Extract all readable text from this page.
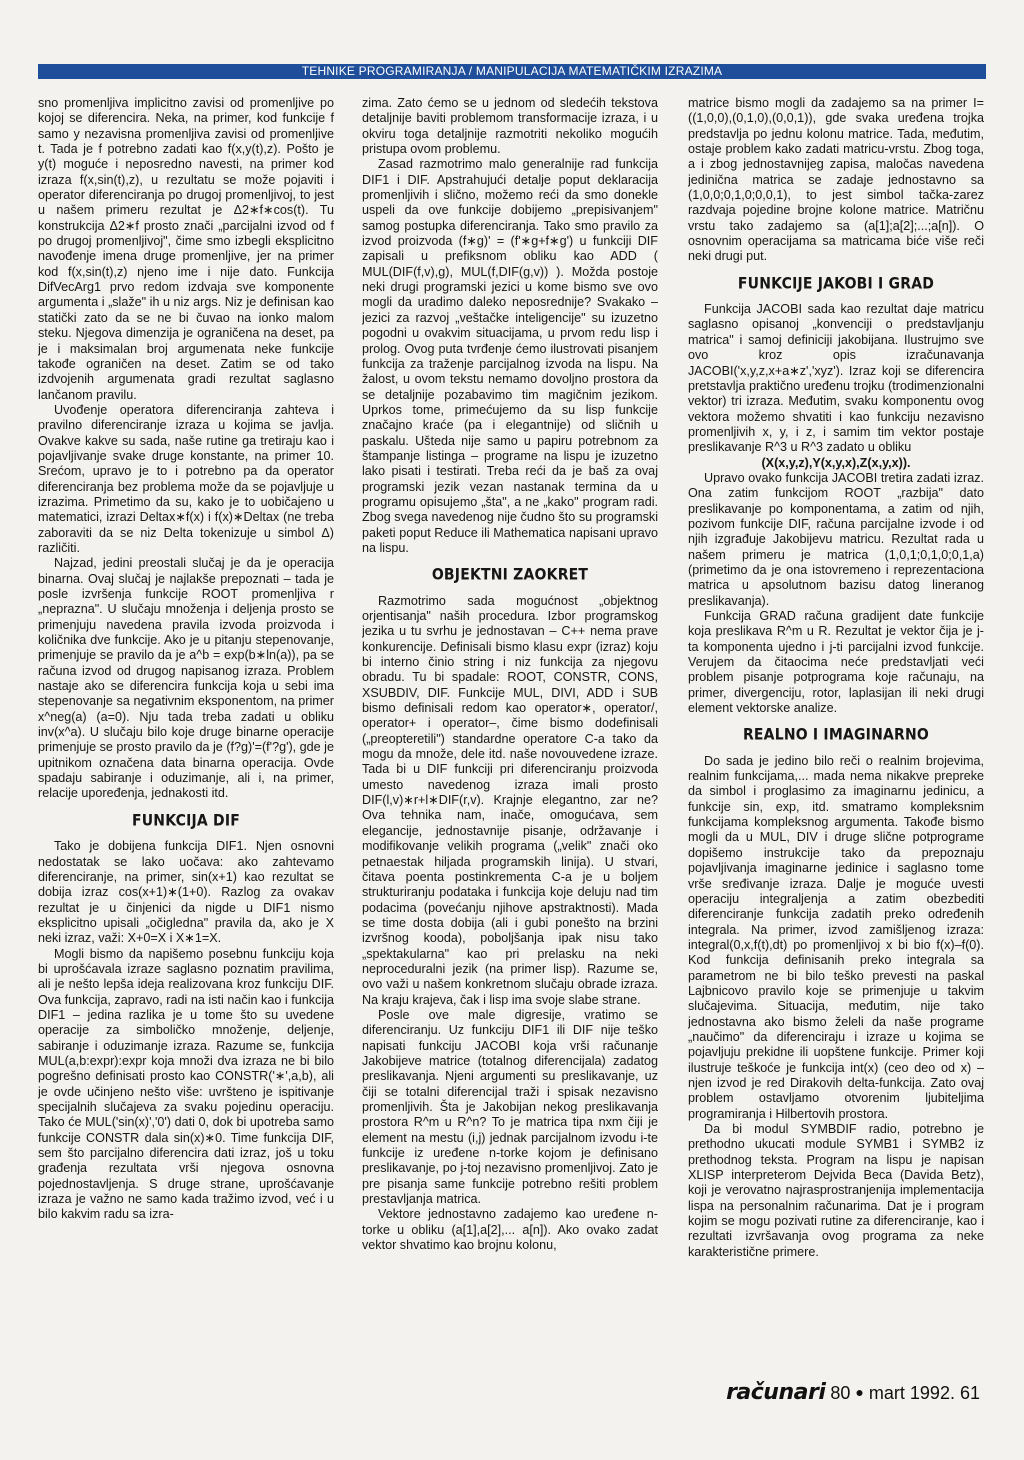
TEHNIKE PROGRAMIRANJA / MANIPULACIJA MATEMATIČKIM IZRAZIMA

sno promenljiva implicitno zavisi od promenljive po kojoj se diferencira. Neka, na primer, kod funkcije f samo y nezavisna promenljiva zavisi od promenljive t. Tada je f potrebno zadati kao f(x,y(t),z). Pošto je y(t) moguće i neposredno navesti, na primer kod izraza f(x,sin(t),z), u rezultatu se može pojaviti i operator diferenciranja po drugoj promenljivoj, to jest u našem primeru rezultat je Δ2∗f∗cos(t). Tu konstrukcija Δ2∗f prosto znači „parcijalni izvod od f po drugoj promenljivoj", čime smo izbegli eksplicitno navođenje imena druge promenljive, jer na primer kod f(x,sin(t),z) njeno ime i nije dato. Funkcija DifVecArg1 prvo redom izdvaja sve komponente argumenta i „slaže" ih u niz args. Niz je definisan kao statički zato da se ne bi čuvao na ionko malom steku. Njegova dimenzija je ograničena na deset, pa je i maksimalan broj argumenata neke funkcije takođe ograničen na deset. Zatim se od tako izdvojenih argumenata gradi rezultat saglasno lančanom pravilu.

Uvođenje operatora diferenciranja zahteva i pravilno diferenciranje izraza u kojima se javlja. Ovakve kakve su sada, naše rutine ga tretiraju kao i pojavljivanje svake druge konstante, na primer 10. Srećom, upravo je to i potrebno pa da operator diferenciranja bez problema može da se pojavljuje u izrazima. Primetimo da su, kako je to uobičajeno u matematici, izrazi Deltax∗f(x) i f(x)∗Deltax (ne treba zaboraviti da se niz Delta tokenizuje u simbol Δ) različiti.

Najzad, jedini preostali slučaj je da je operacija binarna. Ovaj slučaj je najlakše prepoznati – tada je posle izvršenja funkcije ROOT promenljiva r „neprazna". U slučaju množenja i deljenja prosto se primenjuju navedena pravila izvoda proizvoda i količnika dve funkcije. Ako je u pitanju stepenovanje, primenjuje se pravilo da je a^b = exp(b∗ln(a)), pa se računa izvod od drugog napisanog izraza. Problem nastaje ako se diferencira funkcija koja u sebi ima stepenovanje sa negativnim eksponentom, na primer x^neg(a) (a=0). Nju tada treba zadati u obliku inv(x^a). U slučaju bilo koje druge binarne operacije primenjuje se prosto pravilo da je (f?g)'=(f'?g'), gde je upitnikom označena data binarna operacija. Ovde spadaju sabiranje i oduzimanje, ali i, na primer, relacije upoređenja, jednakosti itd.

FUNKCIJA DIF

Tako je dobijena funkcija DIF1. Njen osnovni nedostatak se lako uočava: ako zahtevamo diferenciranje, na primer, sin(x+1) kao rezultat se dobija izraz cos(x+1)∗(1+0). Razlog za ovakav rezultat je u činjenici da nigde u DIF1 nismo eksplicitno upisali „očigledna" pravila da, ako je X neki izraz, važi: X+0=X i X∗1=X.

Mogli bismo da napišemo posebnu funkciju koja bi uprošćavala izraze saglasno poznatim pravilima, ali je nešto lepša ideja realizovana kroz funkciju DIF. Ova funkcija, zapravo, radi na isti način kao i funkcija DIF1 – jedina razlika je u tome što su uvedene operacije za simboličko množenje, deljenje, sabiranje i oduzimanje izraza. Razume se, funkcija MUL(a,b:expr):expr koja množi dva izraza ne bi bilo pogrešno definisati prosto kao CONSTR('∗',a,b), ali je ovde učinjeno nešto više: uvršteno je ispitivanje specijalnih slučajeva za svaku pojedinu operaciju. Tako će MUL('sin(x)','0') dati 0, dok bi upotreba samo funkcije CONSTR dala sin(x)∗0. Time funkcija DIF, sem što parcijalno diferencira dati izraz, još u toku građenja rezultata vrši njegova osnovna pojednostavljenja. S druge strane, uprošćavanje izraza je važno ne samo kada tražimo izvod, već i u bilo kakvim radu sa izra-

zima. Zato ćemo se u jednom od sledećih tekstova detaljnije baviti problemom transformacije izraza, i u okviru toga detaljnije razmotriti nekoliko mogućih pristupa ovom problemu.

Zasad razmotrimo malo generalnije rad funkcija DIF1 i DIF. Apstrahujući detalje poput deklaracija promenljivih i slično, možemo reći da smo donekle uspeli da ove funkcije dobijemo „prepisivanjem" samog postupka diferenciranja. Tako smo pravilo za izvod proizvoda (f∗g)' = (f'∗g+f∗g') u funkciji DIF zapisali u prefiksnom obliku kao ADD ( MUL(DIF(f,v),g), MUL(f,DIF(g,v)) ). Možda postoje neki drugi programski jezici u kome bismo sve ovo mogli da uradimo daleko neposrednije? Svakako – jezici za razvoj „veštačke inteligencije" su izuzetno pogodni u ovakvim situacijama, u prvom redu lisp i prolog. Ovog puta tvrđenje ćemo ilustrovati pisanjem funkcija za traženje parcijalnog izvoda na lispu. Na žalost, u ovom tekstu nemamo dovoljno prostora da se detaljnije pozabavimo tim magičnim jezikom. Uprkos tome, primećujemo da su lisp funkcije značajno kraće (pa i elegantnije) od sličnih u paskalu. Uštedа nije samo u papiru potrebnom za štampanje listinga – programe na lispu je izuzetno lako pisati i testirati. Treba reći da je baš za ovaj programski jezik vezan nastanak termina da u programu opisujemo „šta", a ne „kako" program radi. Zbog svega navedenog nije čudno što su programski paketi poput Reduce ili Mathematica napisani upravo na lispu.

OBJEKTNI ZAOKRET

Razmotrimo sada mogućnost „objektnog orjentisanja" naših procedura. Izbor programskog jezika u tu svrhu je jednostavan – C++ nema prave konkurencije. Definisali bismo klasu expr (izraz) koju bi interno činio string i niz funkcija za njegovu obradu. Tu bi spadale: ROOT, CONSTR, CONS, XSUBDIV, DIF. Funkcije MUL, DIVI, ADD i SUB bismo definisali redom kao operator∗, operator/, operator+ i operator–, čime bismo dodefinisali („preopteretili") standardne operatore C-a tako da mogu da množe, dele itd. naše novouvedene izraze. Tada bi u DIF funkciji pri diferenciranju proizvoda umesto navedenog izraza imali prosto DIF(l,v)∗r+l∗DIF(r,v). Krajnje elegantno, zar ne? Ova tehnika nam, inače, omogućava, sem elegancije, jednostavnije pisanje, održavanje i modifikovanje velikih programa („velik" znači oko petnaestak hiljada programskih linija). U stvari, čitava poenta postinkrementa C-a je u boljem strukturiranju podataka i funkcija koje deluju nad tim podacima (povećanju njihove apstraktnosti). Mada se time dosta dobija (ali i gubi ponešto na brzini izvršnog kooda), poboljšanja ipak nisu tako „spektakularna" kao pri prelasku na neki neproceduralni jezik (na primer lisp). Razume se, ovo važi u našem konkretnom slučaju obrade izraza. Na kraju krajeva, čak i lisp ima svoje slabe strane.

Posle ove male digresije, vratimo se diferenciranju. Uz funkciju DIF1 ili DIF nije teško napisati funkciju JACOBI koja vrši računanje Jakobijeve matrice (totalnog diferencijala) zadatog preslikavanja. Njeni argumenti su preslikavanje, uz čiji se totalni diferencijal traži i spisak nezavisno promenljivih. Šta je Jakobijan nekog preslikavanja prostora R^m u R^n? To je matrica tipa nxm čiji je element na mestu (i,j) jednak parcijalnom izvodu i-te funkcije iz uređene n-torke kojom je definisano preslikavanje, po j-toj nezavisno promenljivoj. Zato je pre pisanja same funkcije potrebno rešiti problem prestavljanja matrica.

Vektore jednostavno zadajemo kao uređene n-torke u obliku (a[1],a[2],... a[n]). Ako ovako zadat vektor shvatimo kao brojnu kolonu,

matrice bismo mogli da zadajemo sa na primer I=((1,0,0),(0,1,0),(0,0,1)), gde svaka uređena trojka predstavlja po jednu kolonu matrice. Tada, međutim, ostaje problem kako zadati matricu-vrstu. Zbog toga, a i zbog jednostavnijeg zapisa, maločas navedena jedinična matrica se zadaje jednostavno sa (1,0,0;0,1,0;0,0,1), to jest simbol tačka-zarez razdvaja pojedine brojne kolone matrice. Matričnu vrstu tako zadajemo sa (a[1];a[2];...;a[n]). O osnovnim operacijama sa matricama biće više reči neki drugi put.

FUNKCIJE JAKOBI I GRAD

Funkcija JACOBI sada kao rezultat daje matricu saglasno opisanoj „konvenciji o predstavljanju matrica" i samoj definiciji jakobijana. Ilustrujmo sve ovo kroz opis izračunavanja JACOBI('x,y,z,x+a∗z','xyz'). Izraz koji se diferencira pretstavlja praktično uređenu trojku (trodimenzionalni vektor) tri izraza. Međutim, svaku komponentu ovog vektora možemo shvatiti i kao funkciju nezavisno promenljivih x, y, i z, i samim tim vektor postaje preslikavanje R^3 u R^3 zadato u obliku

(X(x,y,z),Y(x,y,x),Z(x,y,x)).

Upravo ovako funkcija JACOBI tretira zadati izraz. Ona zatim funkcijom ROOT „razbija" dato preslikavanje po komponentama, a zatim od njih, pozivom funkcije DIF, računa parcijalne izvode i od njih izgrađuje Jakobijevu matricu. Rezultat rada u našem primeru je matrica (1,0,1;0,1,0;0,1,a) (primetimo da je ona istovremeno i reprezentaciona matrica u apsolutnom bazisu datog lineranog preslikavanja).

Funkcija GRAD računa gradijent date funkcije koja preslikava R^m u R. Rezultat je vektor čija je j-ta komponenta ujedno i j-ti parcijalni izvod funkcije. Verujem da čitaocima neće predstavljati veći problem pisanje potprograma koje računaju, na primer, divergenciju, rotor, laplasijan ili neki drugi element vektorske analize.

REALNO I IMAGINARNO

Do sada je jedino bilo reči o realnim brojevima, realnim funkcijama,... mada nema nikakve prepreke da simbol i proglasimo za imaginarnu jedinicu, a funkcije sin, exp, itd. smatramo kompleksnim funkcijama kompleksnog argumenta. Takođe bismo mogli da u MUL, DIV i druge slične potprograme dopišemo instrukcije tako da prepoznaju pojavljivanja imaginarne jedinice i saglasno tome vrše sređivanje izraza. Dalje je moguće uvesti operaciju integraljenja a zatim obezbediti diferenciranje funkcija zadatih preko određenih integrala. Na primer, izvod zamišljenog izraza: integral(0,x,f(t),dt) po promenljivoj x bi bio f(x)–f(0). Kod funkcija definisanih preko integrala sa parametrom ne bi bilo teško prevesti na paskal Lajbnicovo pravilo koje se primenjuje u takvim slučajevima. Situacija, međutim, nije tako jednostavna ako bismo želeli da naše programe „naučimo" da diferenciraju i izraze u kojima se pojavljuju prekidne ili uopštene funkcije. Primer koji ilustruje teškoće je funkcija int(x) (ceo deo od x) – njen izvod je red Dirakovih delta-funkcija. Zato ovaj problem ostavljamo otvorenim ljubiteljima programiranja i Hilbertovih prostora.

Da bi modul SYMBDIF radio, potrebno je prethodno ukucati module SYMB1 i SYMB2 iz prethodnog teksta. Program na lispu je napisan XLISP interpreterom Dejvida Beca (Davida Betz), koji je verovatno najrasprostranjenija implementacija lispa na personalnim računarima. Dat je i program kojim se mogu pozivati rutine za diferenciranje, kao i rezultati izvršavanja ovog programa za neke karakteristične primere.

računari 80 ● mart 1992. 61
